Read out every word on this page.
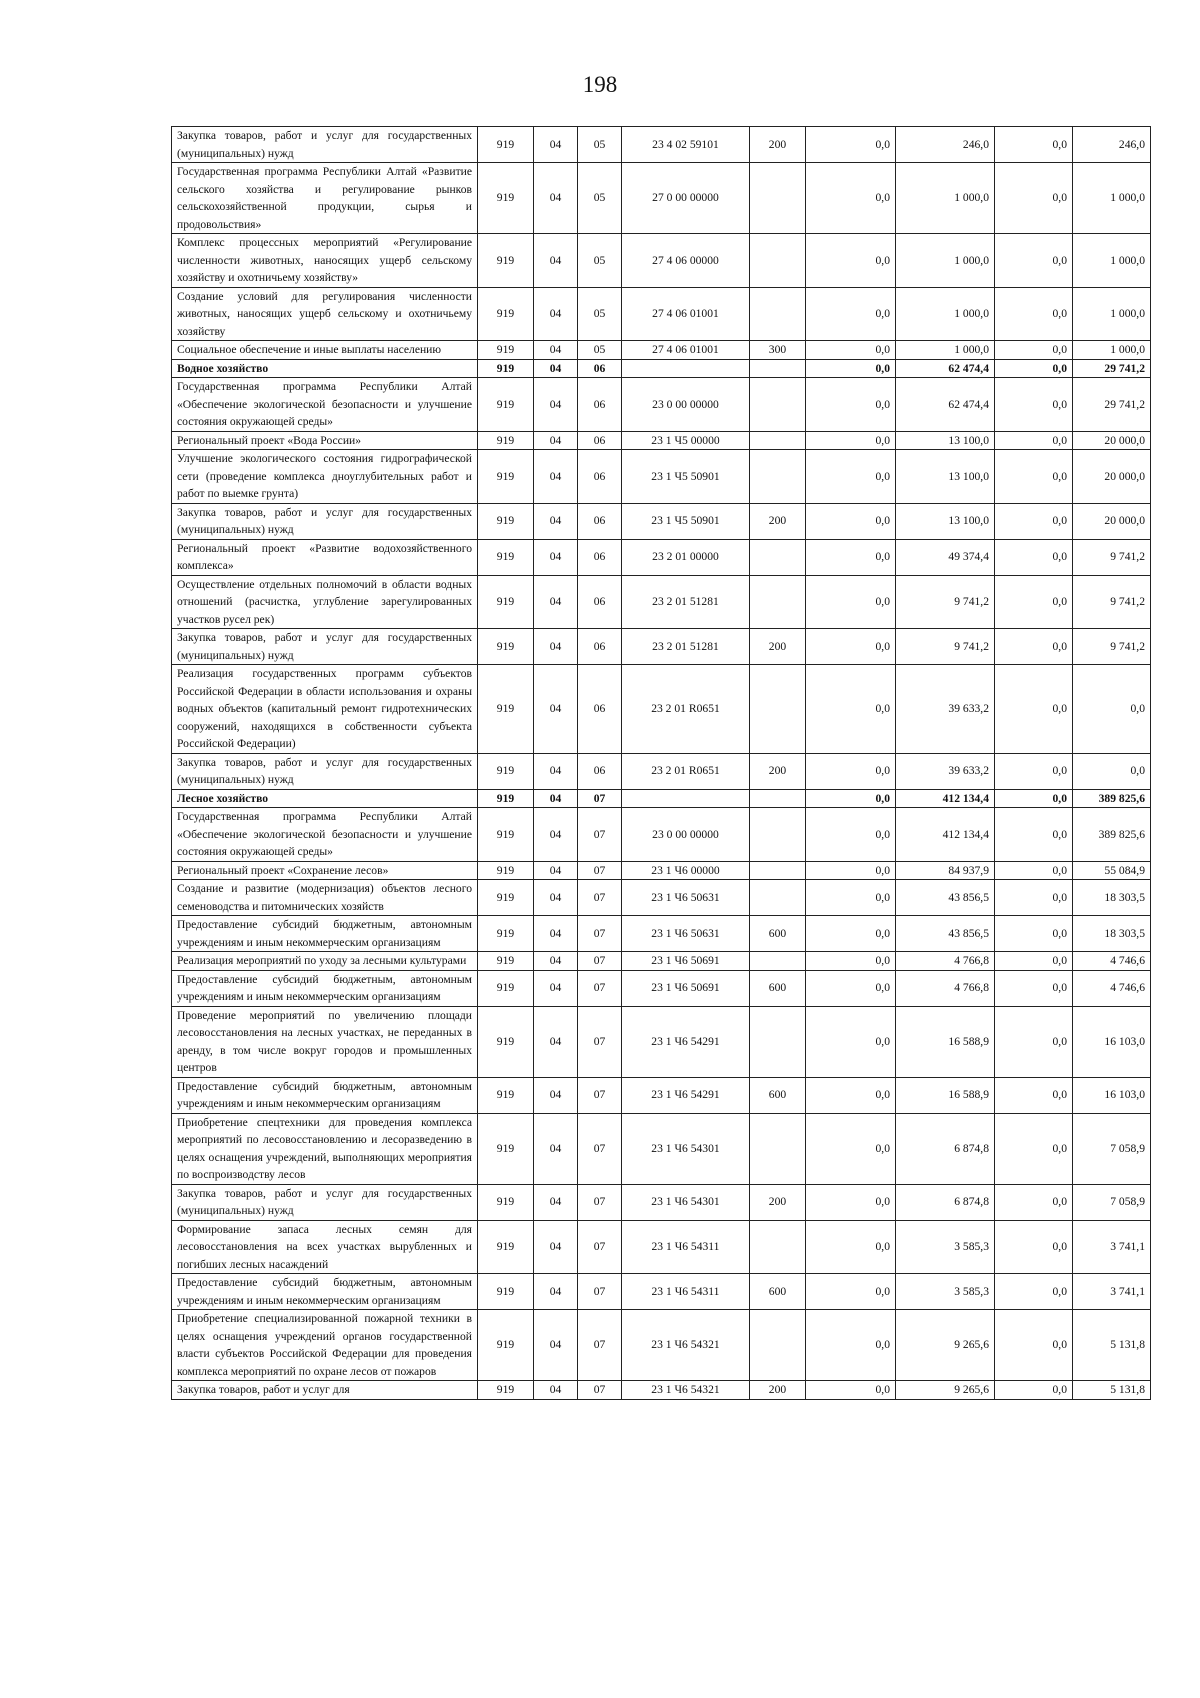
198
Закупка товаров, работ и услуг для государственных (муниципальных) нужд	919	04	05	23 4 02 59101	200	0,0	246,0	0,0	246,0
Государственная программа Республики Алтай «Развитие сельского хозяйства и регулирование рынков сельскохозяйственной продукции, сырья и продовольствия»	919	04	05	27 0 00 00000		0,0	1 000,0	0,0	1 000,0
Комплекс процессных мероприятий «Регулирование численности животных, наносящих ущерб сельскому хозяйству и охотничьему хозяйству»	919	04	05	27 4 06 00000		0,0	1 000,0	0,0	1 000,0
Создание условий для регулирования численности животных, наносящих ущерб сельскому и охотничьему хозяйству	919	04	05	27 4 06 01001		0,0	1 000,0	0,0	1 000,0
Социальное обеспечение и иные выплаты населению	919	04	05	27 4 06 01001	300	0,0	1 000,0	0,0	1 000,0
Водное хозяйство	919	04	06			0,0	62 474,4	0,0	29 741,2
Государственная программа Республики Алтай «Обеспечение экологической безопасности и улучшение состояния окружающей среды»	919	04	06	23 0 00 00000		0,0	62 474,4	0,0	29 741,2
Региональный проект «Вода России»	919	04	06	23 1 Ч5 00000		0,0	13 100,0	0,0	20 000,0
Улучшение экологического состояния гидрографической сети (проведение комплекса дноуглубительных работ и работ по выемке грунта)	919	04	06	23 1 Ч5 50901		0,0	13 100,0	0,0	20 000,0
Закупка товаров, работ и услуг для государственных (муниципальных) нужд	919	04	06	23 1 Ч5 50901	200	0,0	13 100,0	0,0	20 000,0
Региональный проект «Развитие водохозяйственного комплекса»	919	04	06	23 2 01 00000		0,0	49 374,4	0,0	9 741,2
Осуществление отдельных полномочий в области водных отношений (расчистка, углубление зарегулированных участков русел рек)	919	04	06	23 2 01 51281		0,0	9 741,2	0,0	9 741,2
Закупка товаров, работ и услуг для государственных (муниципальных) нужд	919	04	06	23 2 01 51281	200	0,0	9 741,2	0,0	9 741,2
Реализация государственных программ субъектов Российской Федерации в области использования и охраны водных объектов (капитальный ремонт гидротехнических сооружений, находящихся в собственности субъекта Российской Федерации)	919	04	06	23 2 01 R0651		0,0	39 633,2	0,0	0,0
Закупка товаров, работ и услуг для государственных (муниципальных) нужд	919	04	06	23 2 01 R0651	200	0,0	39 633,2	0,0	0,0
Лесное хозяйство	919	04	07			0,0	412 134,4	0,0	389 825,6
Государственная программа Республики Алтай «Обеспечение экологической безопасности и улучшение состояния окружающей среды»	919	04	07	23 0 00 00000		0,0	412 134,4	0,0	389 825,6
Региональный проект «Сохранение лесов»	919	04	07	23 1 Ч6 00000		0,0	84 937,9	0,0	55 084,9
Создание и развитие (модернизация) объектов лесного семеноводства и питомнических хозяйств	919	04	07	23 1 Ч6 50631		0,0	43 856,5	0,0	18 303,5
Предоставление субсидий бюджетным, автономным учреждениям и иным некоммерческим организациям	919	04	07	23 1 Ч6 50631	600	0,0	43 856,5	0,0	18 303,5
Реализация мероприятий по уходу за лесными культурами	919	04	07	23 1 Ч6 50691		0,0	4 766,8	0,0	4 746,6
Предоставление субсидий бюджетным, автономным учреждениям и иным некоммерческим организациям	919	04	07	23 1 Ч6 50691	600	0,0	4 766,8	0,0	4 746,6
Проведение мероприятий по увеличению площади лесовосстановления на лесных участках, не переданных в аренду, в том числе вокруг городов и промышленных центров	919	04	07	23 1 Ч6 54291		0,0	16 588,9	0,0	16 103,0
Предоставление субсидий бюджетным, автономным учреждениям и иным некоммерческим организациям	919	04	07	23 1 Ч6 54291	600	0,0	16 588,9	0,0	16 103,0
Приобретение спецтехники для проведения комплекса мероприятий по лесовосстановлению и лесоразведению в целях оснащения учреждений, выполняющих мероприятия по воспроизводству лесов	919	04	07	23 1 Ч6 54301		0,0	6 874,8	0,0	7 058,9
Закупка товаров, работ и услуг для государственных (муниципальных) нужд	919	04	07	23 1 Ч6 54301	200	0,0	6 874,8	0,0	7 058,9
Формирование запаса лесных семян для лесовосстановления на всех участках вырубленных и погибших лесных насаждений	919	04	07	23 1 Ч6 54311		0,0	3 585,3	0,0	3 741,1
Предоставление субсидий бюджетным, автономным учреждениям и иным некоммерческим организациям	919	04	07	23 1 Ч6 54311	600	0,0	3 585,3	0,0	3 741,1
Приобретение специализированной пожарной техники в целях оснащения учреждений органов государственной власти субъектов Российской Федерации для проведения комплекса мероприятий по охране лесов от пожаров	919	04	07	23 1 Ч6 54321		0,0	9 265,6	0,0	5 131,8
Закупка товаров, работ и услуг для	919	04	07	23 1 Ч6 54321	200	0,0	9 265,6	0,0	5 131,8
